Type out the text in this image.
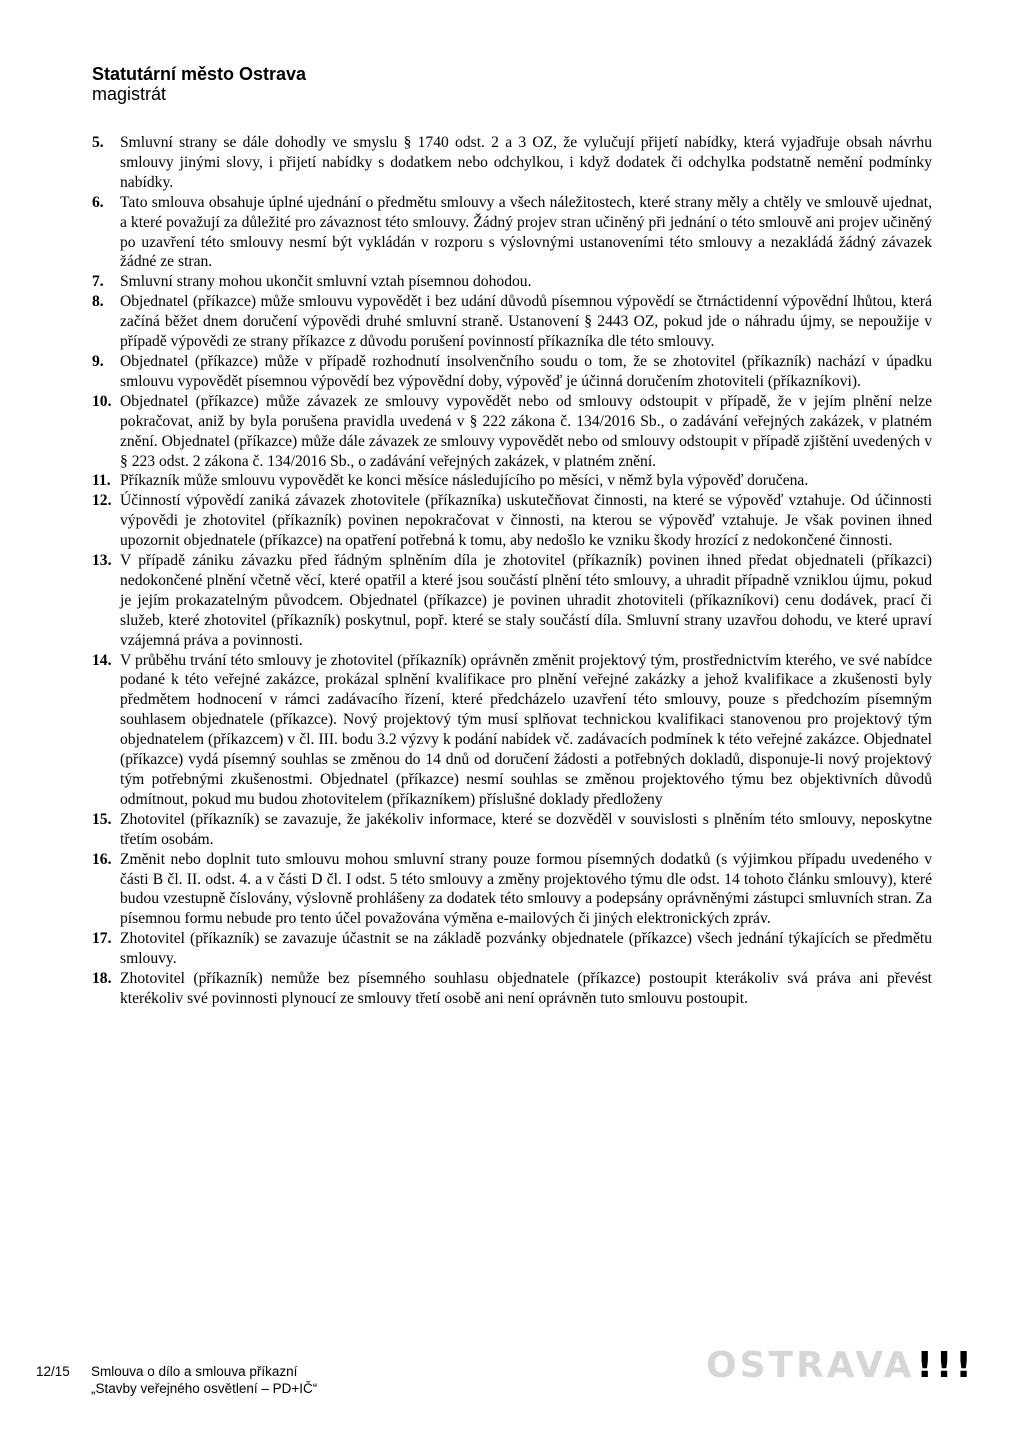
Statutární město Ostrava
magistrát
5.	Smluvní strany se dále dohodly ve smyslu § 1740 odst. 2 a 3 OZ, že vylučují přijetí nabídky, která vyjadřuje obsah návrhu smlouvy jinými slovy, i přijetí nabídky s dodatkem nebo odchylkou, i když dodatek či odchylka podstatně nemění podmínky nabídky.
6.	Tato smlouva obsahuje úplné ujednání o předmětu smlouvy a všech náležitostech, které strany měly a chtěly ve smlouvě ujednat, a které považují za důležité pro závaznost této smlouvy. Žádný projev stran učiněný při jednání o této smlouvě ani projev učiněný po uzavření této smlouvy nesmí být vykládán v rozporu s výslovnými ustanoveními této smlouvy a nezakládá žádný závazek žádné ze stran.
7.	Smluvní strany mohou ukončit smluvní vztah písemnou dohodou.
8.	Objednatel (příkazce) může smlouvu vypovědět i bez udání důvodů písemnou výpovědí se čtrnáctidenní výpovědní lhůtou, která začíná běžet dnem doručení výpovědi druhé smluvní straně. Ustanovení § 2443 OZ, pokud jde o náhradu újmy, se nepoužije v případě výpovědi ze strany příkazce z důvodu porušení povinností příkazníka dle této smlouvy.
9.	Objednatel (příkazce) může v případě rozhodnutí insolvenčního soudu o tom, že se zhotovitel (příkazník) nachází v úpadku smlouvu vypovědět písemnou výpovědí bez výpovědní doby, výpověď je účinná doručením zhotoviteli (příkazníkovi).
10. Objednatel (příkazce) může závazek ze smlouvy vypovědět nebo od smlouvy odstoupit v případě, že v jejím plnění nelze pokračovat, aniž by byla porušena pravidla uvedená v § 222 zákona č. 134/2016 Sb., o zadávání veřejných zakázek, v platném znění. Objednatel (příkazce) může dále závazek ze smlouvy vypovědět nebo od smlouvy odstoupit v případě zjištění uvedených v § 223 odst. 2 zákona č. 134/2016 Sb., o zadávání veřejných zakázek, v platném znění.
11. Příkazník může smlouvu vypovědět ke konci měsíce následujícího po měsíci, v němž byla výpověď doručena.
12. Účinností výpovědí zaniká závazek zhotovitele (příkazníka) uskutečňovat činnosti, na které se výpověď vztahuje. Od účinnosti výpovědi je zhotovitel (příkazník) povinen nepokračovat v činnosti, na kterou se výpověď vztahuje. Je však povinen ihned upozornit objednatele (příkazce) na opatření potřebná k tomu, aby nedošlo ke vzniku škody hrozící z nedokončené činnosti.
13. V případě zániku závazku před řádným splněním díla je zhotovitel (příkazník) povinen ihned předat objednateli (příkazci) nedokončené plnění včetně věcí, které opatřil a které jsou součástí plnění této smlouvy, a uhradit případně vzniklou újmu, pokud je jejím prokazatelným původcem. Objednatel (příkazce) je povinen uhradit zhotoviteli (příkazníkovi) cenu dodávek, prací či služeb, které zhotovitel (příkazník) poskytnul, popř. které se staly součástí díla. Smluvní strany uzavřou dohodu, ve které upraví vzájemná práva a povinnosti.
14. V průběhu trvání této smlouvy je zhotovitel (příkazník) oprávněn změnit projektový tým, prostřednictvím kterého, ve své nabídce podané k této veřejné zakázce, prokázal splnění kvalifikace pro plnění veřejné zakázky a jehož kvalifikace a zkušenosti byly předmětem hodnocení v rámci zadávacího řízení, které předcházelo uzavření této smlouvy, pouze s předchozím písemným souhlasem objednatele (příkazce). Nový projektový tým musí splňovat technickou kvalifikaci stanovenou pro projektový tým objednatelem (příkazcem) v čl. III. bodu 3.2 výzvy k podání nabídek vč. zadávacích podmínek k této veřejné zakázce. Objednatel (příkazce) vydá písemný souhlas se změnou do 14 dnů od doručení žádosti a potřebných dokladů, disponuje-li nový projektový tým potřebnými zkušenostmi. Objednatel (příkazce) nesmí souhlas se změnou projektového týmu bez objektivních důvodů odmítnout, pokud mu budou zhotovitelem (příkazníkem) příslušné doklady předloženy
15. Zhotovitel (příkazník) se zavazuje, že jakékoliv informace, které se dozvěděl v souvislosti s plněním této smlouvy, neposkytne třetím osobám.
16. Změnit nebo doplnit tuto smlouvu mohou smluvní strany pouze formou písemných dodatků (s výjimkou případu uvedeného v části B čl. II. odst. 4. a v části D čl. I odst. 5 této smlouvy a změny projektového týmu dle odst. 14 tohoto článku smlouvy), které budou vzestupně číslovány, výslovně prohlášeny za dodatek této smlouvy a podepsány oprávněnými zástupci smluvních stran. Za písemnou formu nebude pro tento účel považována výměna e-mailových či jiných elektronických zpráv.
17. Zhotovitel (příkazník) se zavazuje účastnit se na základě pozvánky objednatele (příkazce) všech jednání týkajících se předmětu smlouvy.
18. Zhotovitel (příkazník) nemůže bez písemného souhlasu objednatele (příkazce) postoupit kterákoliv svá práva ani převést kterékoliv své povinnosti plynoucí ze smlouvy třetí osobě ani není oprávněn tuto smlouvu postoupit.
12/15	Smlouva o dílo a smlouva příkazní
„Stavby veřejného osvětlení – PD+IČ“
OSTRAVA !!!
